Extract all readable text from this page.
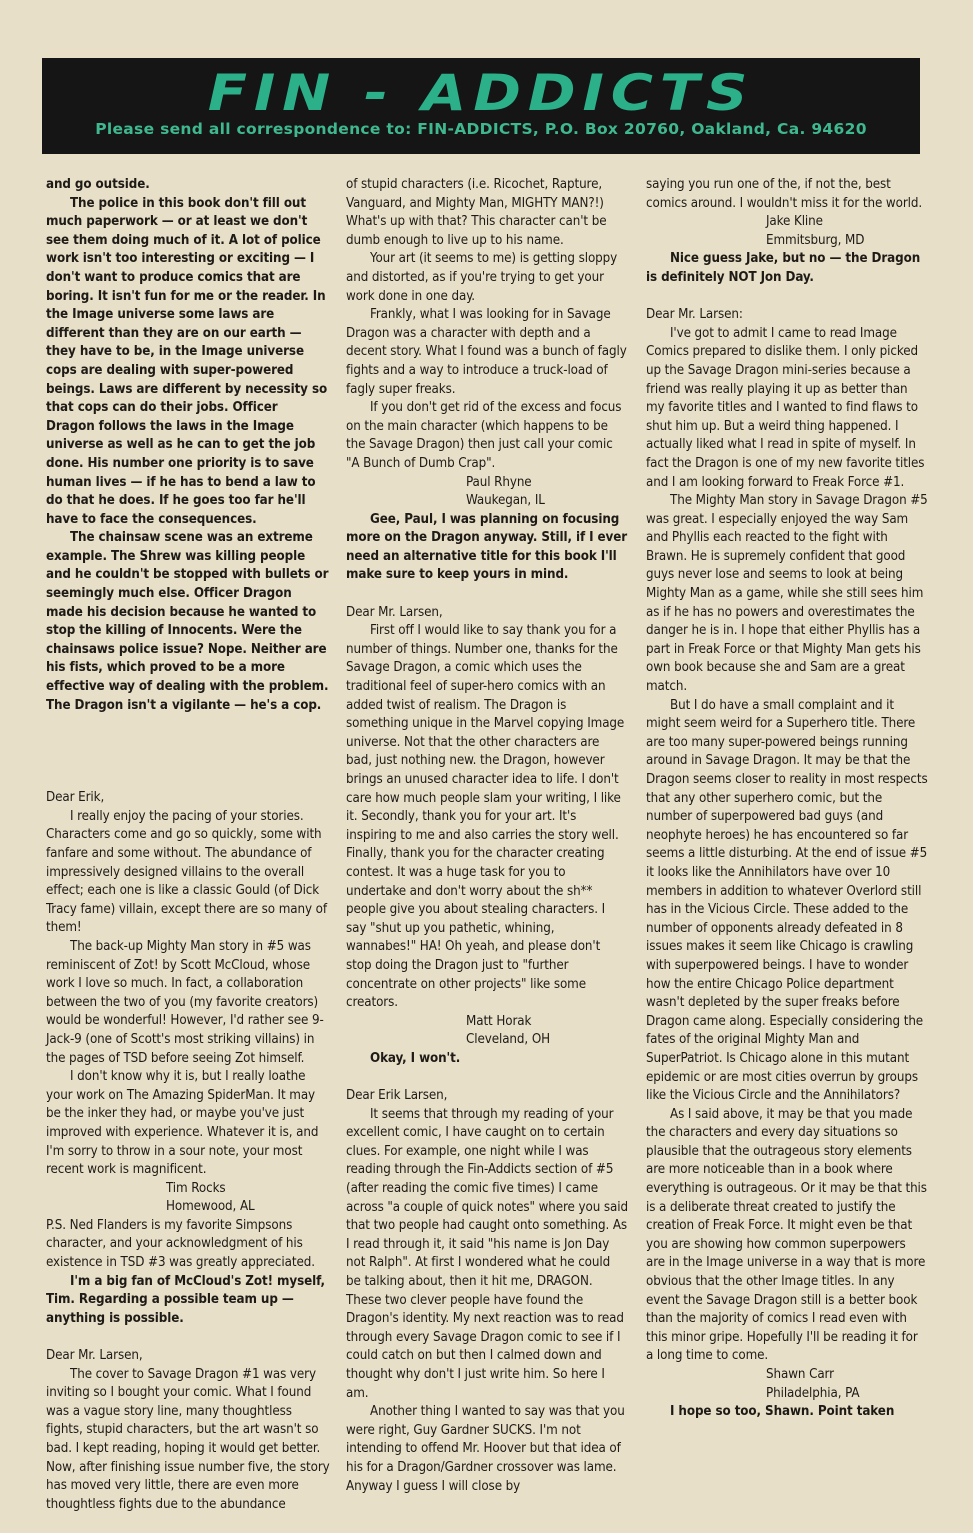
FIN - ADDICTS
Please send all correspondence to: FIN-ADDICTS, P.O. Box 20760, Oakland, Ca. 94620

and go outside.

The police in this book don't fill out much paperwork — or at least we don't see them doing much of it. A lot of police work isn't too interesting or exciting — I don't want to produce comics that are boring. It isn't fun for me or the reader. In the Image universe some laws are different than they are on our earth — they have to be, in the Image universe cops are dealing with super-powered beings. Laws are different by necessity so that cops can do their jobs. Officer Dragon follows the laws in the Image universe as well as he can to get the job done. His number one priority is to save human lives — if he has to bend a law to do that he does. If he goes too far he'll have to face the consequences.

The chainsaw scene was an extreme example. The Shrew was killing people and he couldn't be stopped with bullets or seemingly much else. Officer Dragon made his decision because he wanted to stop the killing of Innocents. Were the chainsaws police issue? Nope. Neither are his fists, which proved to be a more effective way of dealing with the problem. The Dragon isn't a vigilante — he's a cop.

Dear Erik,

I really enjoy the pacing of your stories. Characters come and go so quickly, some with fanfare and some without. The abundance of impressively designed villains to the overall effect; each one is like a classic Gould (of Dick Tracy fame) villain, except there are so many of them!

The back-up Mighty Man story in #5 was reminiscent of Zot! by Scott McCloud, whose work I love so much. In fact, a collaboration between the two of you (my favorite creators) would be wonderful! However, I'd rather see 9-Jack-9 (one of Scott's most striking villains) in the pages of TSD before seeing Zot himself.

I don't know why it is, but I really loathe your work on The Amazing SpiderMan. It may be the inker they had, or maybe you've just improved with experience. Whatever it is, and I'm sorry to throw in a sour note, your most recent work is magnificent.

Tim Rocks

Homewood, AL

P.S. Ned Flanders is my favorite Simpsons character, and your acknowledgment of his existence in TSD #3 was greatly appreciated.

I'm a big fan of McCloud's Zot! myself, Tim. Regarding a possible team up — anything is possible.

Dear Mr. Larsen,

The cover to Savage Dragon #1 was very inviting so I bought your comic. What I found was a vague story line, many thoughtless fights, stupid characters, but the art wasn't so bad. I kept reading, hoping it would get better. Now, after finishing issue number five, the story has moved very little, there are even more thoughtless fights due to the abundance

of stupid characters (i.e. Ricochet, Rapture, Vanguard, and Mighty Man, MIGHTY MAN?!) What's up with that? This character can't be dumb enough to live up to his name.

Your art (it seems to me) is getting sloppy and distorted, as if you're trying to get your work done in one day.

Frankly, what I was looking for in Savage Dragon was a character with depth and a decent story. What I found was a bunch of fagly fights and a way to introduce a truck-load of fagly super freaks.

If you don't get rid of the excess and focus on the main character (which happens to be the Savage Dragon) then just call your comic "A Bunch of Dumb Crap".

Paul Rhyne

Waukegan, IL

Gee, Paul, I was planning on focusing more on the Dragon anyway. Still, if I ever need an alternative title for this book I'll make sure to keep yours in mind.

Dear Mr. Larsen,

First off I would like to say thank you for a number of things. Number one, thanks for the Savage Dragon, a comic which uses the traditional feel of super-hero comics with an added twist of realism. The Dragon is something unique in the Marvel copying Image universe. Not that the other characters are bad, just nothing new. the Dragon, however brings an unused character idea to life. I don't care how much people slam your writing, I like it. Secondly, thank you for your art. It's inspiring to me and also carries the story well. Finally, thank you for the character creating contest. It was a huge task for you to undertake and don't worry about the sh** people give you about stealing characters. I say "shut up you pathetic, whining, wannabes!" HA! Oh yeah, and please don't stop doing the Dragon just to "further concentrate on other projects" like some creators.

Matt Horak

Cleveland, OH

Okay, I won't.

Dear Erik Larsen,

It seems that through my reading of your excellent comic, I have caught on to certain clues. For example, one night while I was reading through the Fin-Addicts section of #5 (after reading the comic five times) I came across "a couple of quick notes" where you said that two people had caught onto something. As I read through it, it said "his name is Jon Day not Ralph". At first I wondered what he could be talking about, then it hit me, DRAGON. These two clever people have found the Dragon's identity. My next reaction was to read through every Savage Dragon comic to see if I could catch on but then I calmed down and thought why don't I just write him. So here I am.

Another thing I wanted to say was that you were right, Guy Gardner SUCKS. I'm not intending to offend Mr. Hoover but that idea of his for a Dragon/Gardner crossover was lame. Anyway I guess I will close by

saying you run one of the, if not the, best comics around. I wouldn't miss it for the world.

Jake Kline

Emmitsburg, MD

Nice guess Jake, but no — the Dragon is definitely NOT Jon Day.

Dear Mr. Larsen:

I've got to admit I came to read Image Comics prepared to dislike them. I only picked up the Savage Dragon mini-series because a friend was really playing it up as better than my favorite titles and I wanted to find flaws to shut him up. But a weird thing happened. I actually liked what I read in spite of myself. In fact the Dragon is one of my new favorite titles and I am looking forward to Freak Force #1.

The Mighty Man story in Savage Dragon #5 was great. I especially enjoyed the way Sam and Phyllis each reacted to the fight with Brawn. He is supremely confident that good guys never lose and seems to look at being Mighty Man as a game, while she still sees him as if he has no powers and overestimates the danger he is in. I hope that either Phyllis has a part in Freak Force or that Mighty Man gets his own book because she and Sam are a great match.

But I do have a small complaint and it might seem weird for a Superhero title. There are too many super-powered beings running around in Savage Dragon. It may be that the Dragon seems closer to reality in most respects that any other superhero comic, but the number of superpowered bad guys (and neophyte heroes) he has encountered so far seems a little disturbing. At the end of issue #5 it looks like the Annihilators have over 10 members in addition to whatever Overlord still has in the Vicious Circle. These added to the number of opponents already defeated in 8 issues makes it seem like Chicago is crawling with superpowered beings. I have to wonder how the entire Chicago Police department wasn't depleted by the super freaks before Dragon came along. Especially considering the fates of the original Mighty Man and SuperPatriot. Is Chicago alone in this mutant epidemic or are most cities overrun by groups like the Vicious Circle and the Annihilators?

As I said above, it may be that you made the characters and every day situations so plausible that the outrageous story elements are more noticeable than in a book where everything is outrageous. Or it may be that this is a deliberate threat created to justify the creation of Freak Force. It might even be that you are showing how common superpowers are in the Image universe in a way that is more obvious that the other Image titles. In any event the Savage Dragon still is a better book than the majority of comics I read even with this minor gripe. Hopefully I'll be reading it for a long time to come.

Shawn Carr

Philadelphia, PA

I hope so too, Shawn. Point taken
